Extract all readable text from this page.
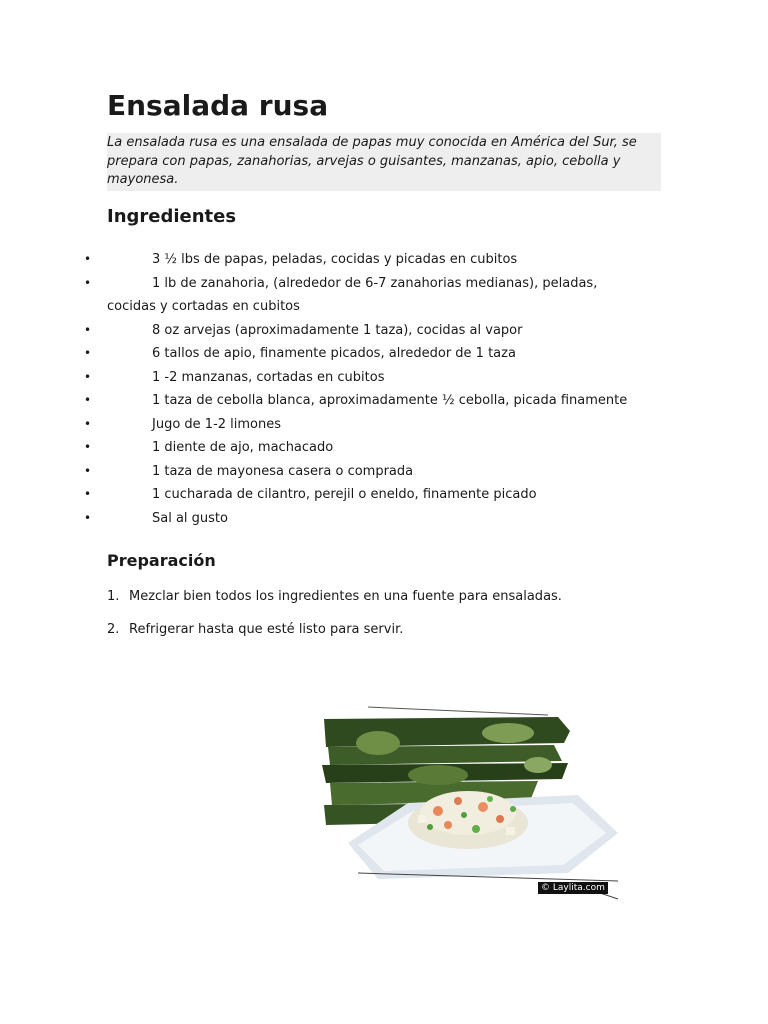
Ensalada rusa
La ensalada rusa es una ensalada de papas muy conocida en América del Sur, se prepara con papas, zanahorias, arvejas o guisantes, manzanas, apio, cebolla y mayonesa.
Ingredientes
•	3 ½ lbs de papas, peladas, cocidas y picadas en cubitos
•	1 lb de zanahoria, (alrededor de 6-7 zanahorias medianas), peladas, cocidas y cortadas en cubitos
•	8 oz arvejas (aproximadamente 1 taza), cocidas al vapor
•	6 tallos de apio, finamente picados, alrededor de 1 taza
•	1 -2 manzanas, cortadas en cubitos
•	1 taza de cebolla blanca, aproximadamente ½ cebolla, picada finamente
•	Jugo de 1-2 limones
•	1 diente de ajo, machacado
•	1 taza de mayonesa casera o comprada
•	1 cucharada de cilantro, perejil o eneldo, finamente picado
•	Sal al gusto
Preparación
1. Mezclar bien todos los ingredientes en una fuente para ensaladas.
2. Refrigerar hasta que esté listo para servir.
© Laylita.com
